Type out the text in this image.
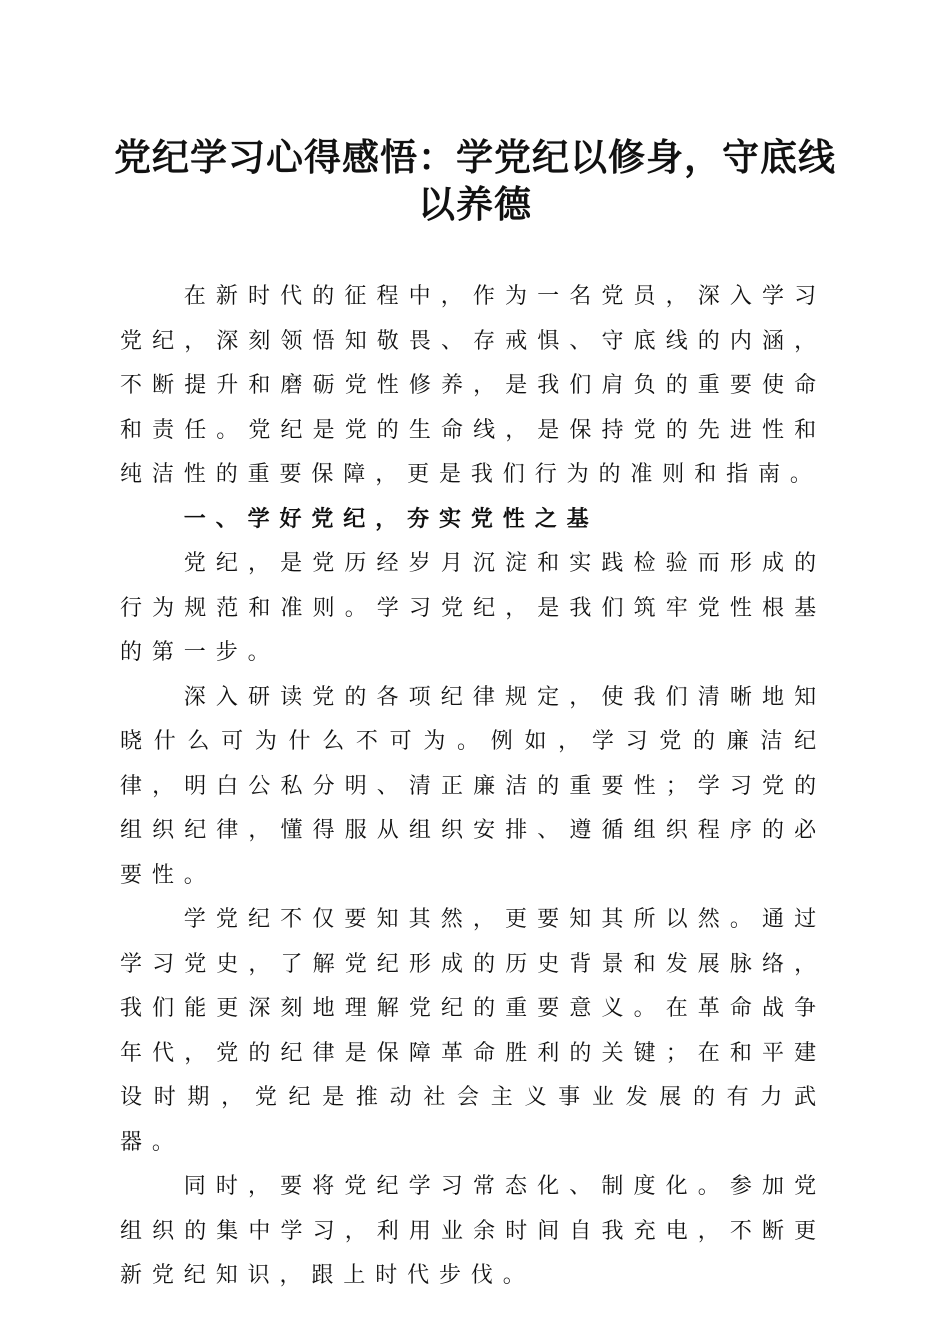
党纪学习心得感悟：学党纪以修身，守底线以养德

在新时代的征程中，作为一名党员，深入学习党纪，深刻领悟知敬畏、存戒惧、守底线的内涵，不断提升和磨砺党性修养，是我们肩负的重要使命和责任。党纪是党的生命线，是保持党的先进性和纯洁性的重要保障，更是我们行为的准则和指南。

一、学好党纪，夯实党性之基

党纪，是党历经岁月沉淀和实践检验而形成的行为规范和准则。学习党纪，是我们筑牢党性根基的第一步。

深入研读党的各项纪律规定，使我们清晰地知晓什么可为什么不可为。例如，学习党的廉洁纪律，明白公私分明、清正廉洁的重要性；学习党的组织纪律，懂得服从组织安排、遵循组织程序的必要性。

学党纪不仅要知其然，更要知其所以然。通过学习党史，了解党纪形成的历史背景和发展脉络，我们能更深刻地理解党纪的重要意义。在革命战争年代，党的纪律是保障革命胜利的关键；在和平建设时期，党纪是推动社会主义事业发展的有力武器。

同时，要将党纪学习常态化、制度化。参加党组织的集中学习，利用业余时间自我充电，不断更新党纪知识，跟上时代步伐。
